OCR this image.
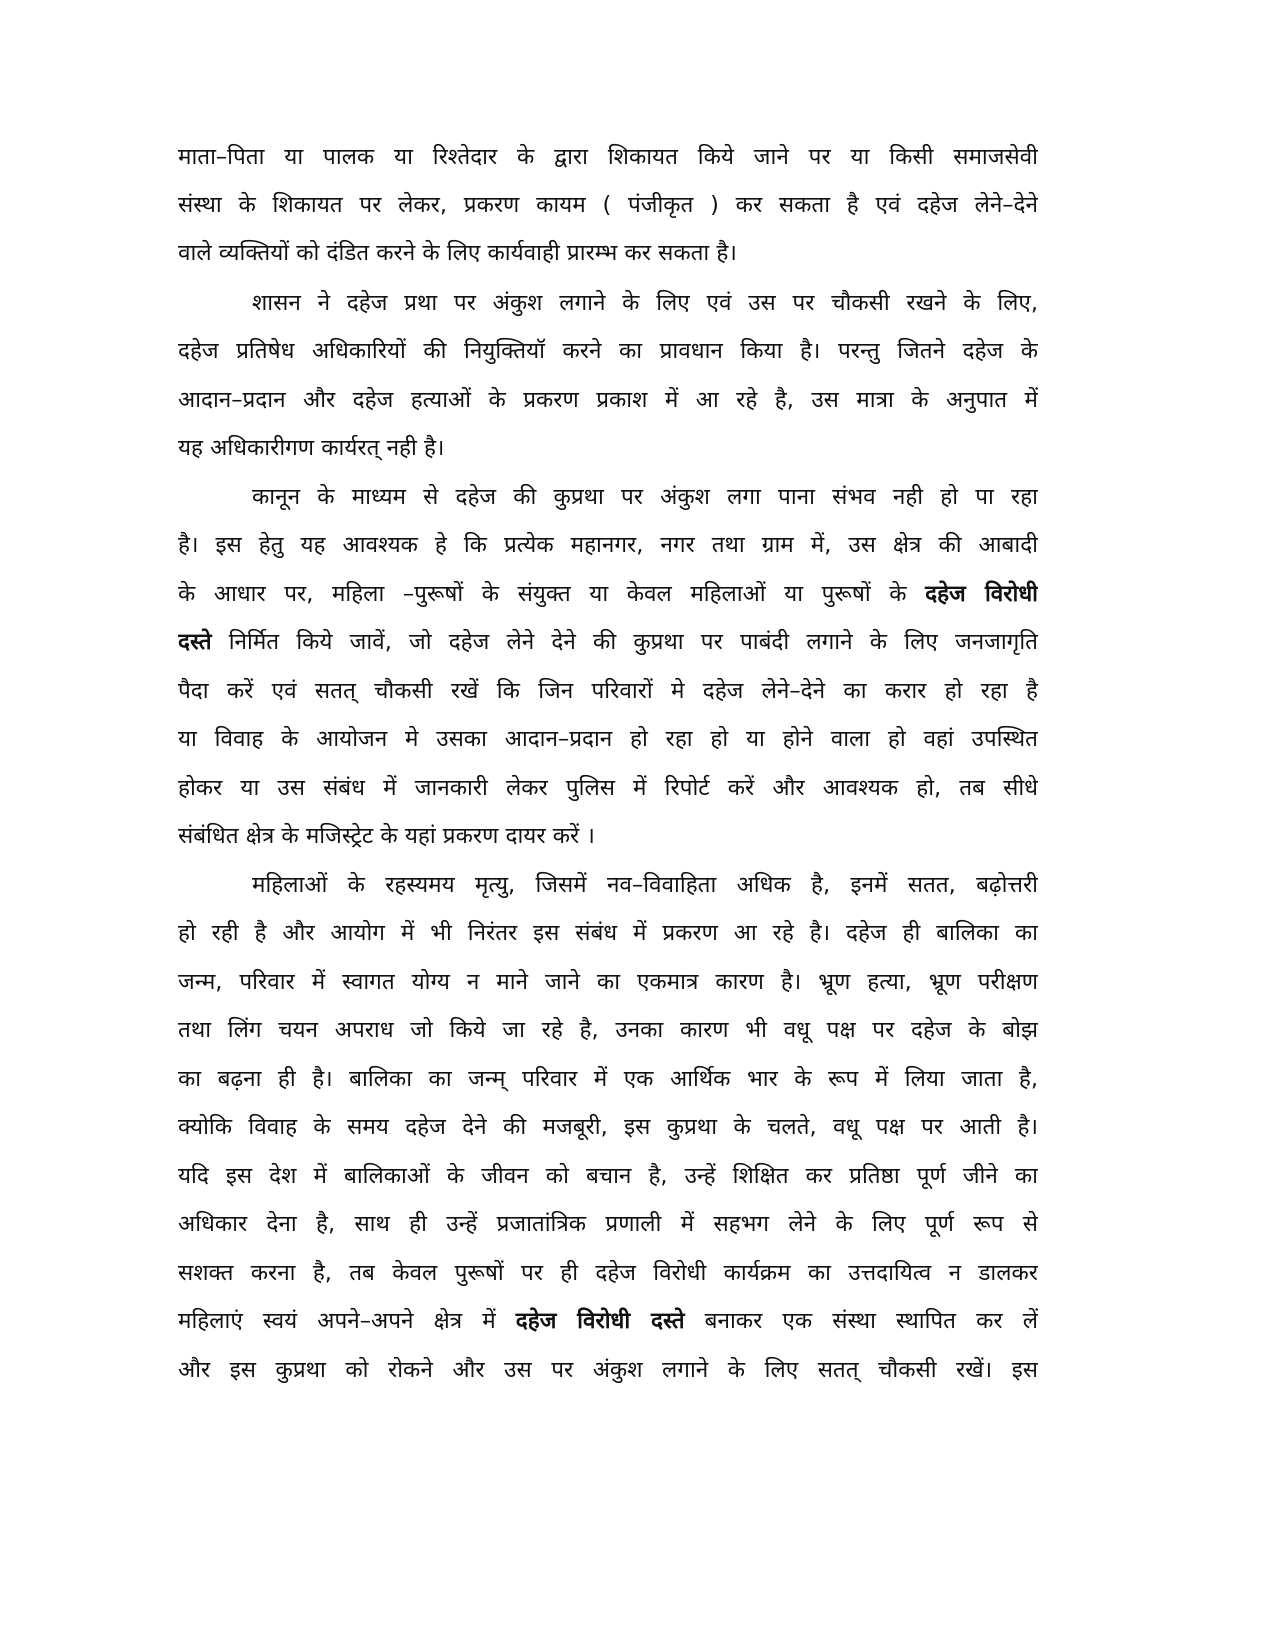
माता–पिता या पालक या रिश्तेदार के द्वारा शिकायत किये जाने पर या किसी समाजसेवी
संस्था के शिकायत पर लेकर, प्रकरण कायम ( पंजीकृत ) कर सकता है एवं दहेज लेने–देने
वाले व्यक्तियों को दंडित करने के लिए कार्यवाही प्रारम्भ कर सकता है।
शासन ने दहेज प्रथा पर अंकुश लगाने के लिए एवं उस पर चौकसी रखने के लिए,
दहेज प्रतिषेध अधिकारियों की नियुक्तियॉ करने का प्रावधान किया है। परन्तु जितने दहेज के
आदान–प्रदान और दहेज हत्याओं के प्रकरण प्रकाश में आ रहे है, उस मात्रा के अनुपात में
यह अधिकारीगण कार्यरत् नही है।
कानून के माध्यम से दहेज की कुप्रथा पर अंकुश लगा पाना संभव नही हो पा रहा
है। इस हेतु यह आवश्यक हे कि प्रत्येक महानगर, नगर तथा ग्राम में, उस क्षेत्र की आबादी
के आधार पर, महिला –पुरूषों के संयुक्त या केवल महिलाओं या पुरूषों के दहेज विरोधी
दस्ते निर्मित किये जावें, जो दहेज लेने देने की कुप्रथा पर पाबंदी लगाने के लिए जनजागृति
पैदा करें एवं सतत् चौकसी रखें कि जिन परिवारों मे दहेज लेने–देने का करार हो रहा है
या विवाह के आयोजन मे उसका आदान–प्रदान हो रहा हो या होने वाला हो वहां उपस्थित
होकर या उस संबंध में जानकारी लेकर पुलिस में रिपोर्ट करें और आवश्यक हो, तब सीधे
संबंधित क्षेत्र के मजिस्ट्रेट के यहां प्रकरण दायर करें ।
महिलाओं के रहस्यमय मृत्यु, जिसमें नव–विवाहिता अधिक है, इनमें सतत, बढ़ोत्तरी
हो रही है और आयोग में भी निरंतर इस संबंध में प्रकरण आ रहे है। दहेज ही बालिका का
जन्म, परिवार में स्वागत योग्य न माने जाने का एकमात्र कारण है। भ्रूण हत्या, भ्रूण परीक्षण
तथा लिंग चयन अपराध जो किये जा रहे है, उनका कारण भी वधू पक्ष पर दहेज के बोझ
का बढ़ना ही है। बालिका का जन्म् परिवार में एक आर्थिक भार के रूप में लिया जाता है,
क्योकि विवाह के समय दहेज देने की मजबूरी, इस कुप्रथा के चलते, वधू पक्ष पर आती है।
यदि इस देश में बालिकाओं के जीवन को बचान है, उन्हें शिक्षित कर प्रतिष्ठा पूर्ण जीने का
अधिकार देना है, साथ ही उन्हें प्रजातांत्रिक प्रणाली में सहभग लेने के लिए पूर्ण रूप से
सशक्त करना है, तब केवल पुरूषों पर ही दहेज विरोधी कार्यक्रम का उत्तदायित्व न डालकर
महिलाएं स्वयं अपने–अपने क्षेत्र में दहेज विरोधी दस्ते बनाकर एक संस्था स्थापित कर लें
और इस कुप्रथा को रोकने और उस पर अंकुश लगाने के लिए सतत् चौकसी रखें। इस
